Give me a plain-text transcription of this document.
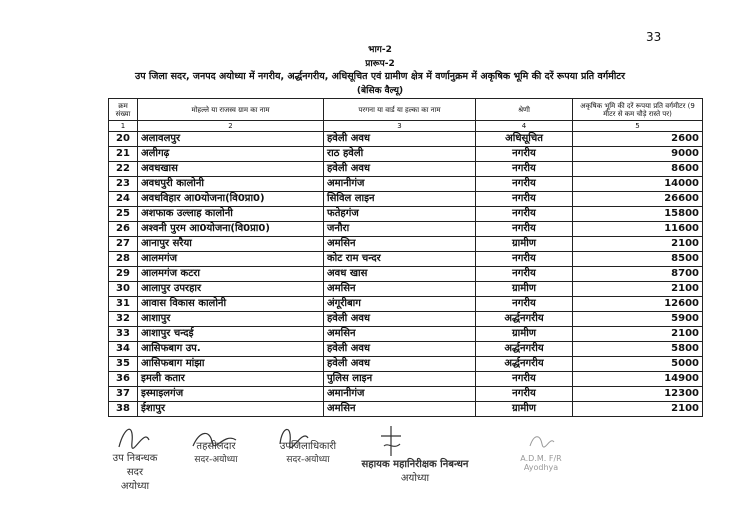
33
भाग-2
प्रारूप-2
उप जिला सदर, जनपद अयोध्या में नगरीय, अर्द्धनगरीय, अधिसूचित एवं ग्रामीण क्षेत्र में वर्णानुक्रम में अकृषिक भूमि की दरें रूपया प्रति वर्गमीटर
(बेसिक वैल्यू)
क्रम संख्या	मोहल्ले या राजस्व ग्राम का नाम	परगना या वार्ड या हल्का का नाम	श्रेणी	अकृषिक भूमि की दरें रूपया प्रति वर्गमीटर (9 मीटर से कम चौड़े रास्ते पर)
1	2	3	4	5
20	अलावलपुर	हवेली अवध	अधिसूचित	2600
21	अलीगढ़	राठ हवेली	नगरीय	9000
22	अवधखास	हवेली अवध	नगरीय	8600
23	अवधपुरी कालोनी	अमानीगंज	नगरीय	14000
24	अवधविहार आ0योजना(वि0प्रा0)	सिविल लाइन	नगरीय	26600
25	अशफाक उल्लाह कालोनी	फतेहगंज	नगरीय	15800
26	अश्वनी पुरम आ0योजना(वि0प्रा0)	जनौरा	नगरीय	11600
27	आनापुर सरैया	अमसिन	ग्रामीण	2100
28	आलमगंज	कोट राम चन्दर	नगरीय	8500
29	आलमगंज कटरा	अवध खास	नगरीय	8700
30	आलापुर उपरहार	अमसिन	ग्रामीण	2100
31	आवास विकास कालोनी	अंगूरीबाग	नगरीय	12600
32	आशापुर	हवेली अवध	अर्द्धनगरीय	5900
33	आशापुर चन्दई	अमसिन	ग्रामीण	2100
34	आसिफबाग उप.	हवेली अवध	अर्द्धनगरीय	5800
35	आसिफबाग मांझा	हवेली अवध	अर्द्धनगरीय	5000
36	इमली कतार	पुलिस लाइन	नगरीय	14900
37	इस्माइलगंज	अमानीगंज	नगरीय	12300
38	ईशापुर	अमसिन	ग्रामीण	2100
उप निबन्धक
सदर
अयोध्या
तहसीलदार
सदर-अयोध्या
उपजिलाधिकारी
सदर-अयोध्या	सहायक महानिरीक्षक निबन्धन
अयोध्या
A.D.M. F/R
Ayodhya
